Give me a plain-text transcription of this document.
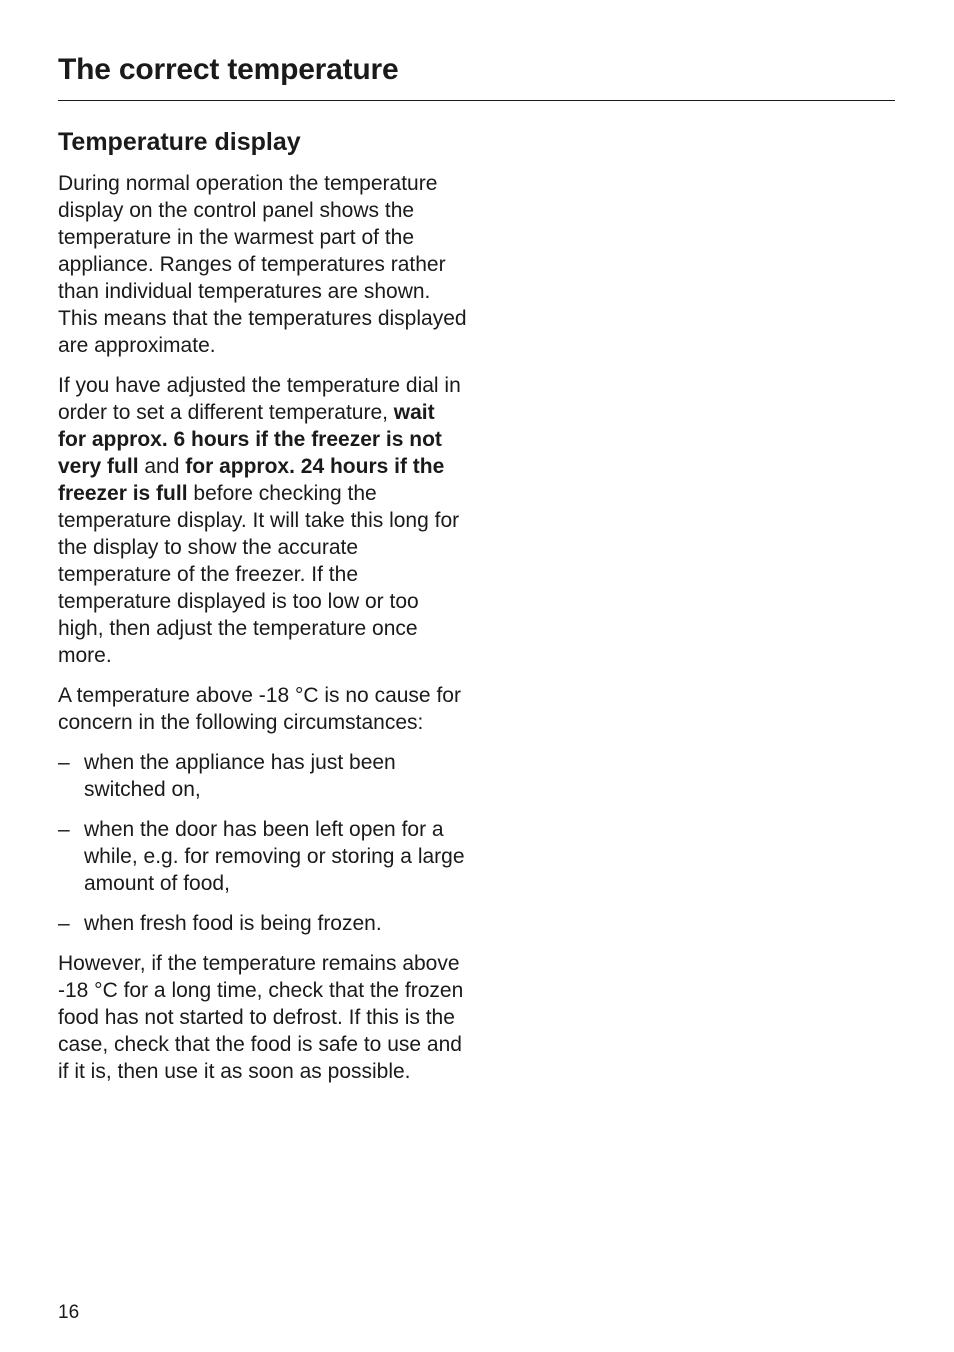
The correct temperature
Temperature display

During normal operation the temperature display on the control panel shows the temperature in the warmest part of the appliance. Ranges of temperatures rather than individual temperatures are shown. This means that the temperatures displayed are approximate.

If you have adjusted the temperature dial in order to set a different temperature, wait for approx. 6 hours if the freezer is not very full and for approx. 24 hours if the freezer is full before checking the temperature display. It will take this long for the display to show the accurate temperature of the freezer. If the temperature displayed is too low or too high, then adjust the temperature once more.

A temperature above -18 °C is no cause for concern in the following circumstances:

– when the appliance has just been switched on,
– when the door has been left open for a while, e.g. for removing or storing a large amount of food,
– when fresh food is being frozen.

However, if the temperature remains above -18 °C for a long time, check that the frozen food has not started to defrost. If this is the case, check that the food is safe to use and if it is, then use it as soon as possible.

16
